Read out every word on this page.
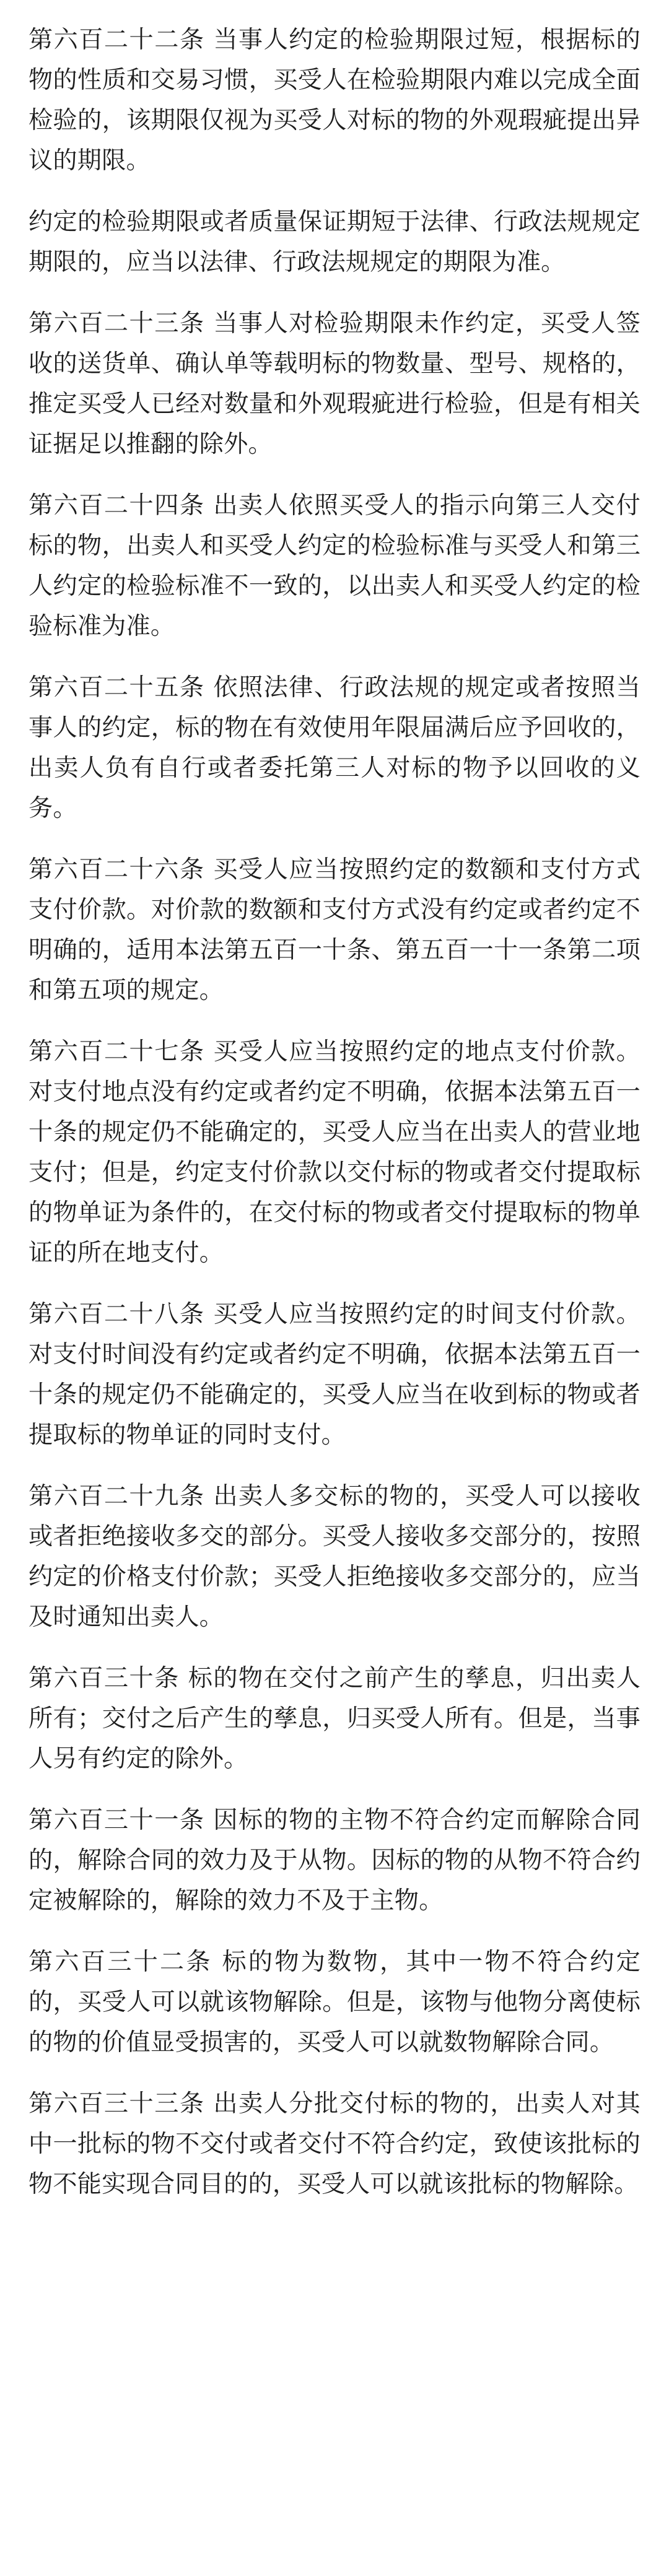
第六百二十二条 当事人约定的检验期限过短，根据标的物的性质和交易习惯，买受人在检验期限内难以完成全面检验的，该期限仅视为买受人对标的物的外观瑕疵提出异议的期限。

约定的检验期限或者质量保证期短于法律、行政法规规定期限的，应当以法律、行政法规规定的期限为准。

第六百二十三条 当事人对检验期限未作约定，买受人签收的送货单、确认单等载明标的物数量、型号、规格的，推定买受人已经对数量和外观瑕疵进行检验，但是有相关证据足以推翻的除外。

第六百二十四条 出卖人依照买受人的指示向第三人交付标的物，出卖人和买受人约定的检验标准与买受人和第三人约定的检验标准不一致的，以出卖人和买受人约定的检验标准为准。

第六百二十五条 依照法律、行政法规的规定或者按照当事人的约定，标的物在有效使用年限届满后应予回收的，出卖人负有自行或者委托第三人对标的物予以回收的义务。

第六百二十六条 买受人应当按照约定的数额和支付方式支付价款。对价款的数额和支付方式没有约定或者约定不明确的，适用本法第五百一十条、第五百一十一条第二项和第五项的规定。

第六百二十七条 买受人应当按照约定的地点支付价款。对支付地点没有约定或者约定不明确，依据本法第五百一十条的规定仍不能确定的，买受人应当在出卖人的营业地支付；但是，约定支付价款以交付标的物或者交付提取标的物单证为条件的，在交付标的物或者交付提取标的物单证的所在地支付。

第六百二十八条 买受人应当按照约定的时间支付价款。对支付时间没有约定或者约定不明确，依据本法第五百一十条的规定仍不能确定的，买受人应当在收到标的物或者提取标的物单证的同时支付。

第六百二十九条 出卖人多交标的物的，买受人可以接收或者拒绝接收多交的部分。买受人接收多交部分的，按照约定的价格支付价款；买受人拒绝接收多交部分的，应当及时通知出卖人。

第六百三十条 标的物在交付之前产生的孳息，归出卖人所有；交付之后产生的孳息，归买受人所有。但是，当事人另有约定的除外。

第六百三十一条 因标的物的主物不符合约定而解除合同的，解除合同的效力及于从物。因标的物的从物不符合约定被解除的，解除的效力不及于主物。

第六百三十二条 标的物为数物，其中一物不符合约定的，买受人可以就该物解除。但是，该物与他物分离使标的物的价值显受损害的，买受人可以就数物解除合同。

第六百三十三条 出卖人分批交付标的物的，出卖人对其中一批标的物不交付或者交付不符合约定，致使该批标的物不能实现合同目的的，买受人可以就该批标的物解除。
